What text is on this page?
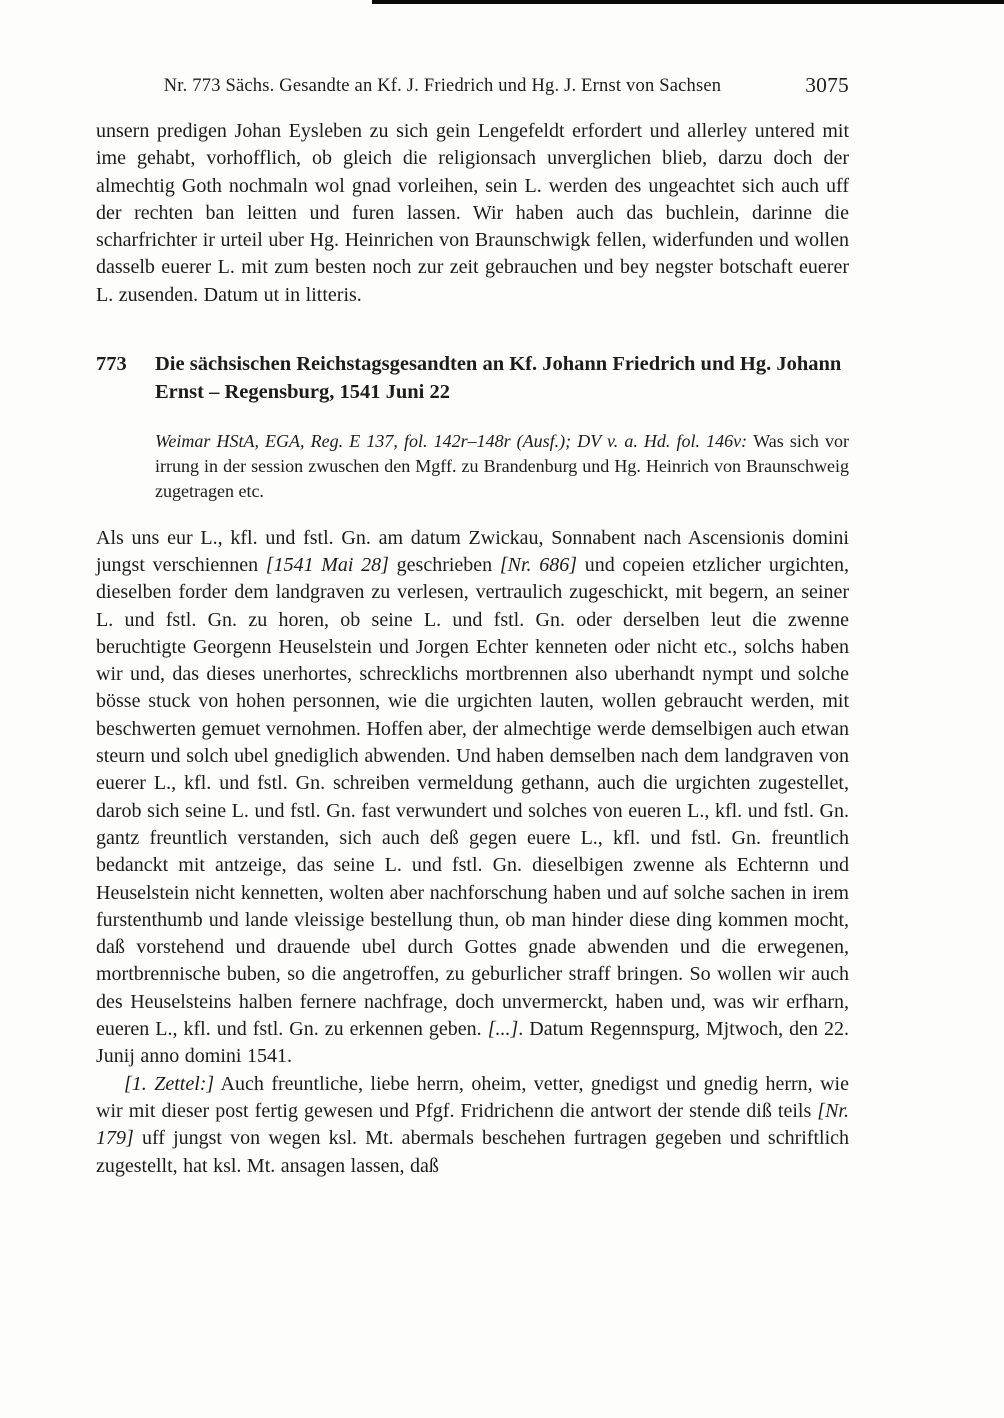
Nr. 773 Sächs. Gesandte an Kf. J. Friedrich und Hg. J. Ernst von Sachsen	3075

unsern predigen Johan Eysleben zu sich gein Lengefeldt erfordert und allerley untered mit ime gehabt, vorhofflich, ob gleich die religionsach unverglichen blieb, darzu doch der almechtig Goth nochmaln wol gnad vorleihen, sein L. werden des ungeachtet sich auch uff der rechten ban leitten und furen lassen. Wir haben auch das buchlein, darinne die scharfrichter ir urteil uber Hg. Heinrichen von Braunschwigk fellen, widerfunden und wollen dasselb euerer L. mit zum besten noch zur zeit gebrauchen und bey negster botschaft euerer L. zusenden. Datum ut in litteris.

773	Die sächsischen Reichstagsgesandten an Kf. Johann Friedrich und Hg. Johann Ernst – Regensburg, 1541 Juni 22

Weimar HStA, EGA, Reg. E 137, fol. 142r–148r (Ausf.); DV v. a. Hd. fol. 146v: Was sich vor irrung in der session zwuschen den Mgff. zu Brandenburg und Hg. Heinrich von Braunschweig zugetragen etc.

Als uns eur L., kfl. und fstl. Gn. am datum Zwickau, Sonnabent nach Ascensionis domini jungst verschiennen [1541 Mai 28] geschrieben [Nr. 686] und copeien etzlicher urgichten, dieselben forder dem landgraven zu verlesen, vertraulich zugeschickt, mit begern, an seiner L. und fstl. Gn. zu horen, ob seine L. und fstl. Gn. oder derselben leut die zwenne beruchtigte Georgenn Heuselstein und Jorgen Echter kenneten oder nicht etc., solchs haben wir und, das dieses unerhortes, schrecklichs mortbrennen also uberhandt nympt und solche bösse stuck von hohen personnen, wie die urgichten lauten, wollen gebraucht werden, mit beschwerten gemuet vernohmen. Hoffen aber, der almechtige werde demselbigen auch etwan steurn und solch ubel gnediglich abwenden. Und haben demselben nach dem landgraven von euerer L., kfl. und fstl. Gn. schreiben vermeldung gethann, auch die urgichten zugestellet, darob sich seine L. und fstl. Gn. fast verwundert und solches von eueren L., kfl. und fstl. Gn. gantz freuntlich verstanden, sich auch deß gegen euere L., kfl. und fstl. Gn. freuntlich bedanckt mit antzeige, das seine L. und fstl. Gn. dieselbigen zwenne als Echternn und Heuselstein nicht kennetten, wolten aber nachforschung haben und auf solche sachen in irem furstenthumb und lande vleissige bestellung thun, ob man hinder diese ding kommen mocht, daß vorstehend und drauende ubel durch Gottes gnade abwenden und die erwegenen, mortbrennische buben, so die angetroffen, zu geburlicher straff bringen. So wollen wir auch des Heuselsteins halben fernere nachfrage, doch unvermerckt, haben und, was wir erfharn, eueren L., kfl. und fstl. Gn. zu erkennen geben. [...]. Datum Regennspurg, Mjtwoch, den 22. Junij anno domini 1541.

[1. Zettel:] Auch freuntliche, liebe herrn, oheim, vetter, gnedigst und gnedig herrn, wie wir mit dieser post fertig gewesen und Pfgf. Fridrichenn die antwort der stende diß teils [Nr. 179] uff jungst von wegen ksl. Mt. abermals beschehen furtragen gegeben und schriftlich zugestellt, hat ksl. Mt. ansagen lassen, daß
